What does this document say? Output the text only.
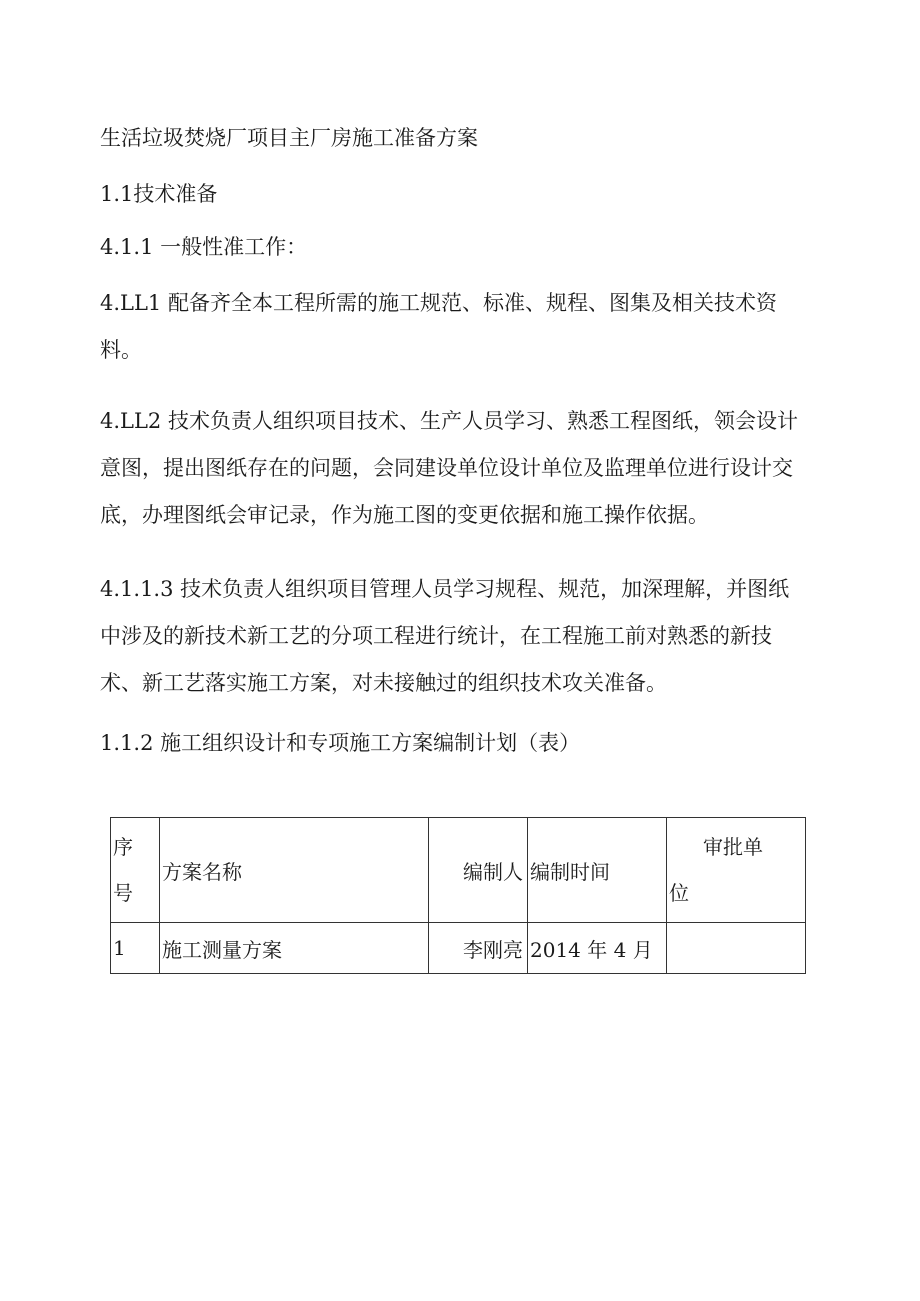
生活垃圾焚烧厂项目主厂房施工准备方案

1.1技术准备

4.1.1 一般性准工作：

4.LL1 配备齐全本工程所需的施工规范、标准、规程、图集及相关技术资
料。
4.LL2 技术负责人组织项目技术、生产人员学习、熟悉工程图纸，领会设计
意图，提出图纸存在的问题，会同建设单位设计单位及监理单位进行设计交
底，办理图纸会审记录，作为施工图的变更依据和施工操作依据。
4.1.1.3 技术负责人组织项目管理人员学习规程、规范，加深理解，并图纸
中涉及的新技术新工艺的分项工程进行统计，在工程施工前对熟悉的新技
术、新工艺落实施工方案，对未接触过的组织技术攻关准备。

1.1.2 施工组织设计和专项施工方案编制计划（表）

序
号	方案名称	编制人	编制时间	审批单
位

1	施工测量方案	李刚亮	2014 年 4 月	
